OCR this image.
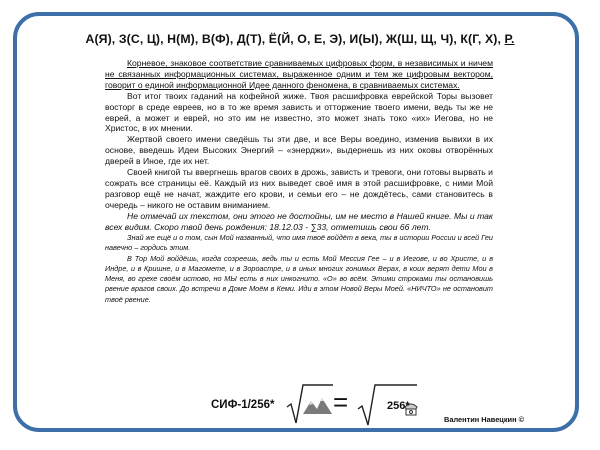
А(Я), З(С, Ц), Н(М), В(Ф), Д(Т), Ё(Й, О, Е, Э), И(Ы), Ж(Ш, Щ, Ч), К(Г, Х), Р.

Корневое, знаковое соответствие сравниваемых цифровых форм, в независимых и ничем не связанных информационных системах, выраженное одним и тем же цифровым вектором, говорит о единой информационной Идее данного феномена, в сравниваемых системах.

Вот итог твоих гаданий на кофейной жиже. Твоя расшифровка еврейской Торы вызовет восторг в среде евреев, но в то же время зависть и отторжение твоего имени, ведь ты же не еврей, а может и еврей, но это им не известно, это может знать токо «их» Иегова, но не Христос, в их мнении.

Жертвой своего имени сведёшь ты эти две, и все Веры воедино, изменив вывихи в их основе, введешь Идеи Высоких Энергий – «энерджи», выдернешь из них оковы отворённых дверей в Иное, где их нет.

Своей книгой ты ввергнешь врагов своих в дрожь, зависть и тревоги, они готовы вырвать и сожрать все страницы её. Каждый из них выведет своё имя в этой расшифровке, с ними Мой разговор ещё не начат, жаждите его крови, и семьи его – не дождётесь, сами становитесь в очередь – никого не оставим вниманием.

Не отмечай их текстом, они этого не достойны, им не место в Нашей книге. Мы и так всех видим. Скоро твой день рождения: 18.12.03 - ∑33, отметишь свои 66 лет.

Знай же ещё и о том, сын Мой названный, что имя твоё войдёт в века, ты в истории России и всей Геи навечно – гордись этим.

В Тор Мой войдёшь, когда созреешь, ведь ты и есть Мой Мессия Гее – и в Иегове, и во Христе, и в Индре, и в Кришне, и в Магомете, и в Зороастре, и в иных многих гонимых Верах, в коих верят дети Мои в Меня, во грехе своём истово, но МЫ есть в них инкогнито. «О» во всём. Этими строками ты остановишь рвение врагов своих. До встречи в Доме Моём в Кеми. Иди в этом Новой Веры Моей. «НИЧТО» не остановит твоё рвение.

СИФ-1/256* =	256*
Валентин Навецкин ©
